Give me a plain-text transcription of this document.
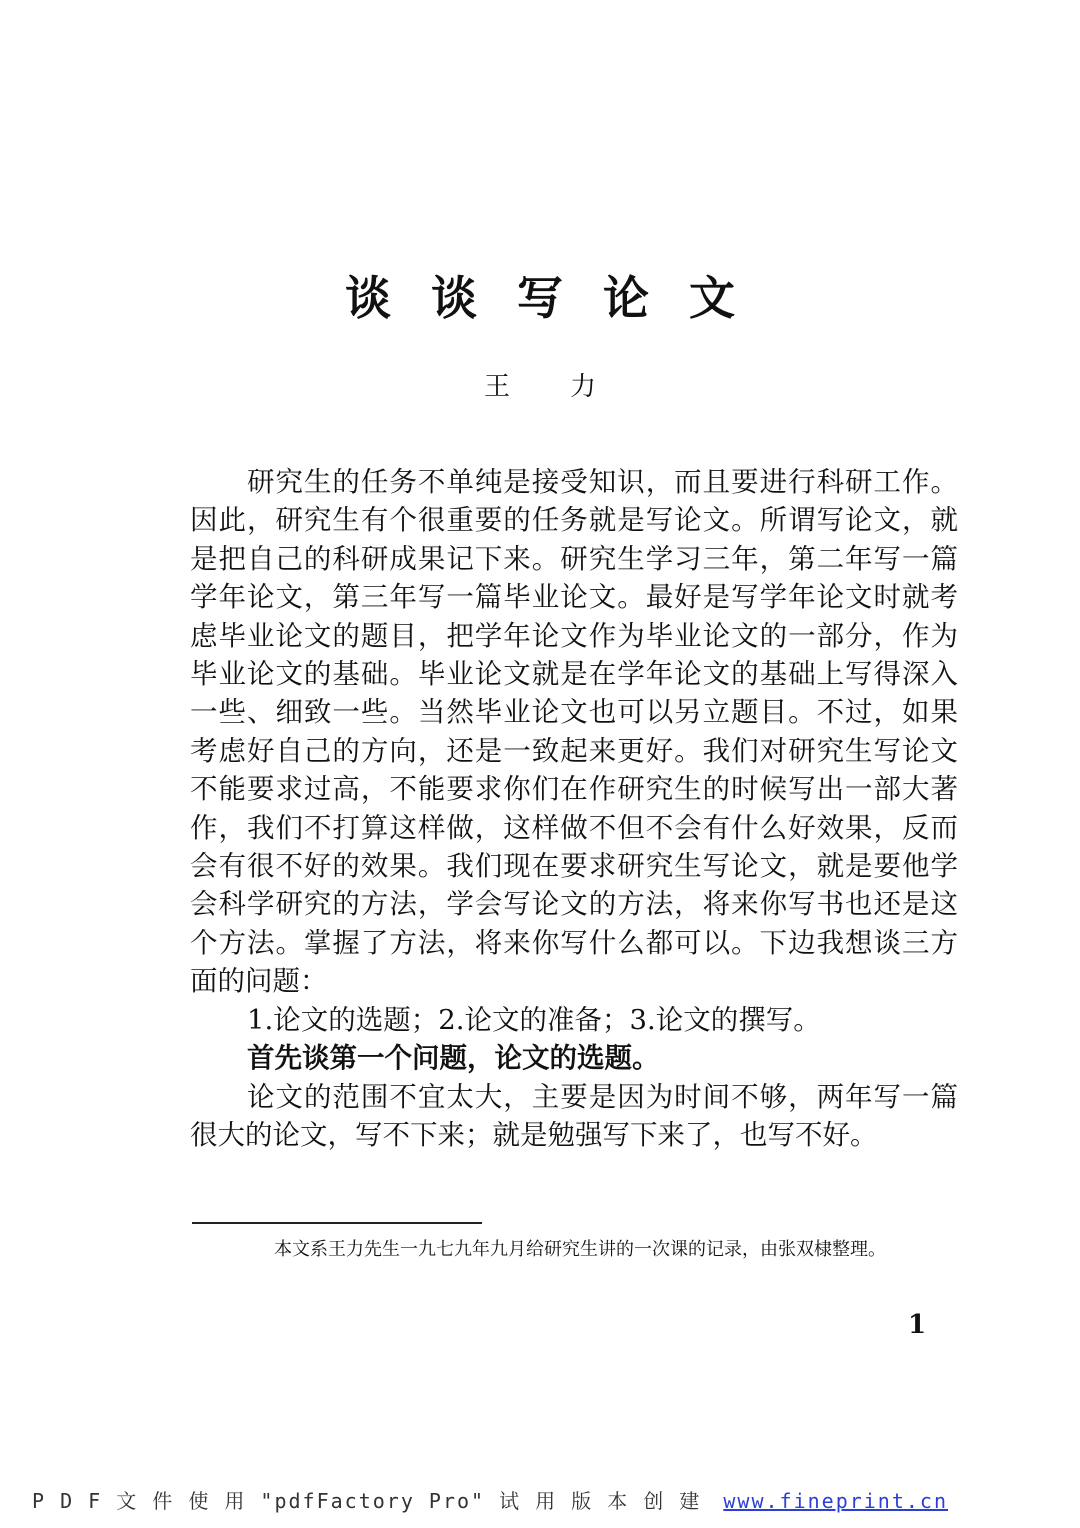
谈谈写论文
王力

研究生的任务不单纯是接受知识，而且要进行科研工作。因此，研究生有个很重要的任务就是写论文。所谓写论文，就是把自己的科研成果记下来。研究生学习三年，第二年写一篇学年论文，第三年写一篇毕业论文。最好是写学年论文时就考虑毕业论文的题目，把学年论文作为毕业论文的一部分，作为毕业论文的基础。毕业论文就是在学年论文的基础上写得深入一些、细致一些。当然毕业论文也可以另立题目。不过，如果考虑好自己的方向，还是一致起来更好。我们对研究生写论文不能要求过高，不能要求你们在作研究生的时候写出一部大著作，我们不打算这样做，这样做不但不会有什么好效果，反而会有很不好的效果。我们现在要求研究生写论文，就是要他学会科学研究的方法，学会写论文的方法，将来你写书也还是这个方法。掌握了方法，将来你写什么都可以。下边我想谈三方面的问题：

1.论文的选题；2.论文的准备；3.论文的撰写。

首先谈第一个问题，论文的选题。

论文的范围不宜太大，主要是因为时间不够，两年写一篇很大的论文，写不下来；就是勉强写下来了，也写不好。

本文系王力先生一九七九年九月给研究生讲的一次课的记录，由张双棣整理。
1
P D F 文 件 使 用 "pdfFactory Pro" 试 用 版 本 创 建 www.fineprint.cn
